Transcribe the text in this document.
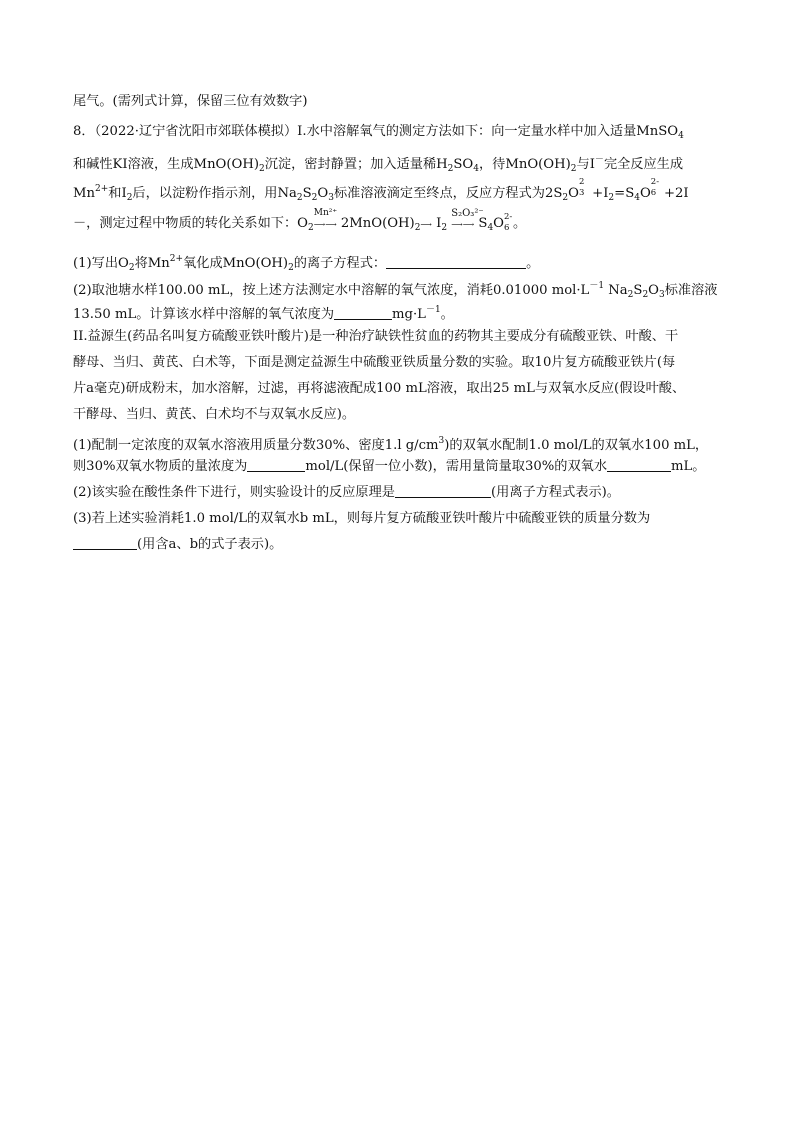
尾气。(需列式计算，保留三位有效数字)
8．（2022·辽宁省沈阳市郊联体模拟）I.水中溶解氧气的测定方法如下：向一定量水样中加入适量MnSO$_4$
和碱性KI溶液，生成$MnO(OH)_2$沉淀，密封静置；加入适量稀$H_2SO_4$，待$MnO(OH)_2$与I－完全反应生成
$Mn^{2+}$和$I_2$后，以淀粉作指示剂，用$Na_2S_2O_3$标准溶液滴定至终点，反应方程式为$2S_2O$
2
$3 +I_2=S_4O$
2-
6 +2I
－，测定过程中物质的转化关系如下：$O_2$
Mn²⁺
⟶⟶ $2MnO(OH)_2⟶$ $I_2$
S₂O₃²⁻
⟶⟶ $S_4O$ 2-
6 。
(1)写出$O_2$将$Mn^{2+}$氧化成$MnO(OH)_2$的离子方程式：	。
(2)取池塘水样100.00 mL，按上述方法测定水中溶解的氧气浓度，消耗0.01000 $mol\cdot L^{-1}$ $Na_2S_2O_3$标准溶液
13.50 mL。计算该水样中溶解的氧气浓度为	$mg\cdot L^{-1}$。
II.益源生(药品名叫复方硫酸亚铁叶酸片)是一种治疗缺铁性贫血的药物其主要成分有硫酸亚铁、叶酸、干
酵母、当归、黄芪、白术等，下面是测定益源生中硫酸亚铁质量分数的实验。取10片复方硫酸亚铁片(每
片a毫克)研成粉末，加水溶解，过滤，再将滤液配成100 mL溶液，取出25 mL与双氧水反应(假设叶酸、
干酵母、当归、黄芪、白术均不与双氧水反应)。
(1)配制一定浓度的双氧水溶液用质量分数30%、密度1.l $g/cm^3$)的双氧水配制1.0 mol/L的双氧水100 mL，
则30%双氧水物质的量浓度为	mol/L(保留一位小数)，需用量筒量取30%的双氧水	mL。
(2)该实验在酸性条件下进行，则实验设计的反应原理是	(用离子方程式表示)。
(3)若上述实验消耗1.0 mol/L的双氧水b mL，则每片复方硫酸亚铁叶酸片中硫酸亚铁的质量分数为
(用含a、b的式子表示)。
